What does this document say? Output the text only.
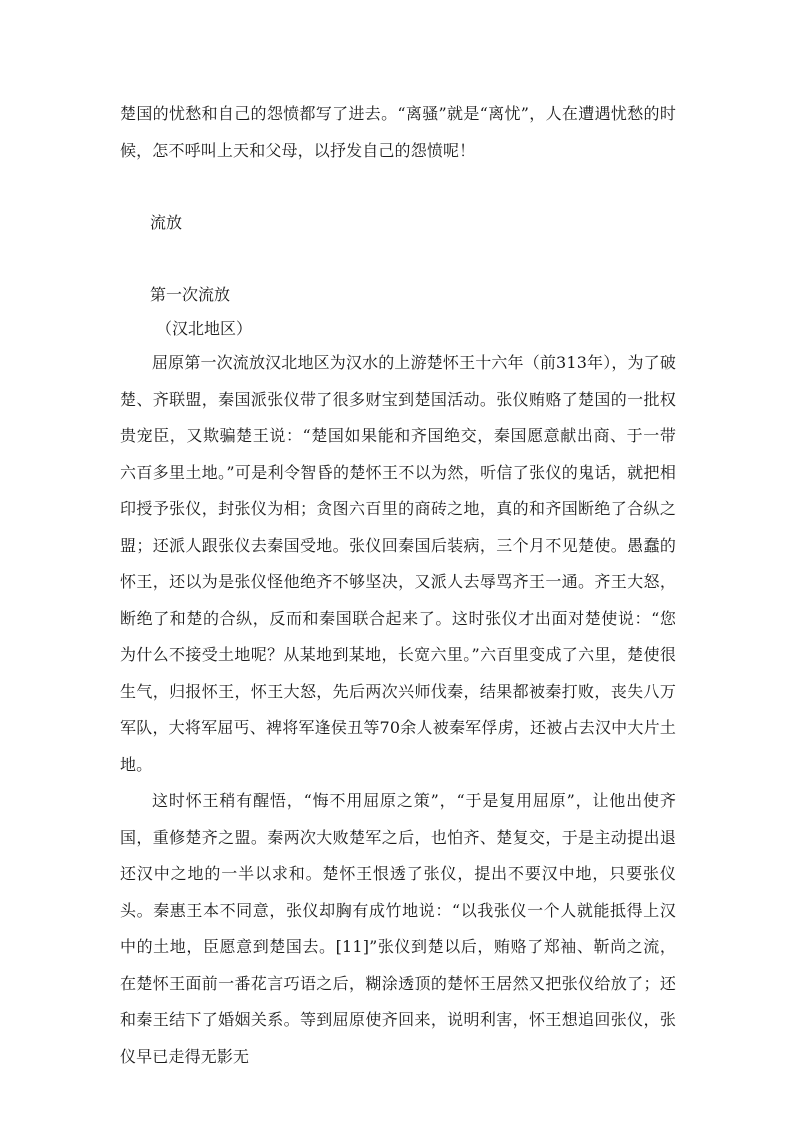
楚国的忧愁和自己的怨愤都写了进去。“离骚”就是“离忧”，人在遭遇忧愁的时候，怎不呼叫上天和父母，以抒发自己的怨愤呢！

流放

第一次流放

（汉北地区）

屈原第一次流放汉北地区为汉水的上游楚怀王十六年（前313年），为了破楚、齐联盟，秦国派张仪带了很多财宝到楚国活动。张仪贿赂了楚国的一批权贵宠臣，又欺骗楚王说：“楚国如果能和齐国绝交，秦国愿意献出商、于一带六百多里土地。”可是利令智昏的楚怀王不以为然，听信了张仪的鬼话，就把相印授予张仪，封张仪为相；贪图六百里的商砖之地，真的和齐国断绝了合纵之盟；还派人跟张仪去秦国受地。张仪回秦国后装病，三个月不见楚使。愚蠢的怀王，还以为是张仪怪他绝齐不够坚决，又派人去辱骂齐王一通。齐王大怒，断绝了和楚的合纵，反而和秦国联合起来了。这时张仪才出面对楚使说：“您为什么不接受土地呢？从某地到某地，长宽六里。”六百里变成了六里，楚使很生气，归报怀王，怀王大怒，先后两次兴师伐秦，结果都被秦打败，丧失八万军队，大将军屈丐、裨将军逢侯丑等70余人被秦军俘虏，还被占去汉中大片土地。

这时怀王稍有醒悟，“悔不用屈原之策”，“于是复用屈原”，让他出使齐国，重修楚齐之盟。秦两次大败楚军之后，也怕齐、楚复交，于是主动提出退还汉中之地的一半以求和。楚怀王恨透了张仪，提出不要汉中地，只要张仪头。秦惠王本不同意，张仪却胸有成竹地说：“以我张仪一个人就能抵得上汉中的土地，臣愿意到楚国去。[11]”张仪到楚以后，贿赂了郑袖、靳尚之流，在楚怀王面前一番花言巧语之后，糊涂透顶的楚怀王居然又把张仪给放了；还和秦王结下了婚姻关系。等到屈原使齐回来，说明利害，怀王想追回张仪，张仪早已走得无影无
